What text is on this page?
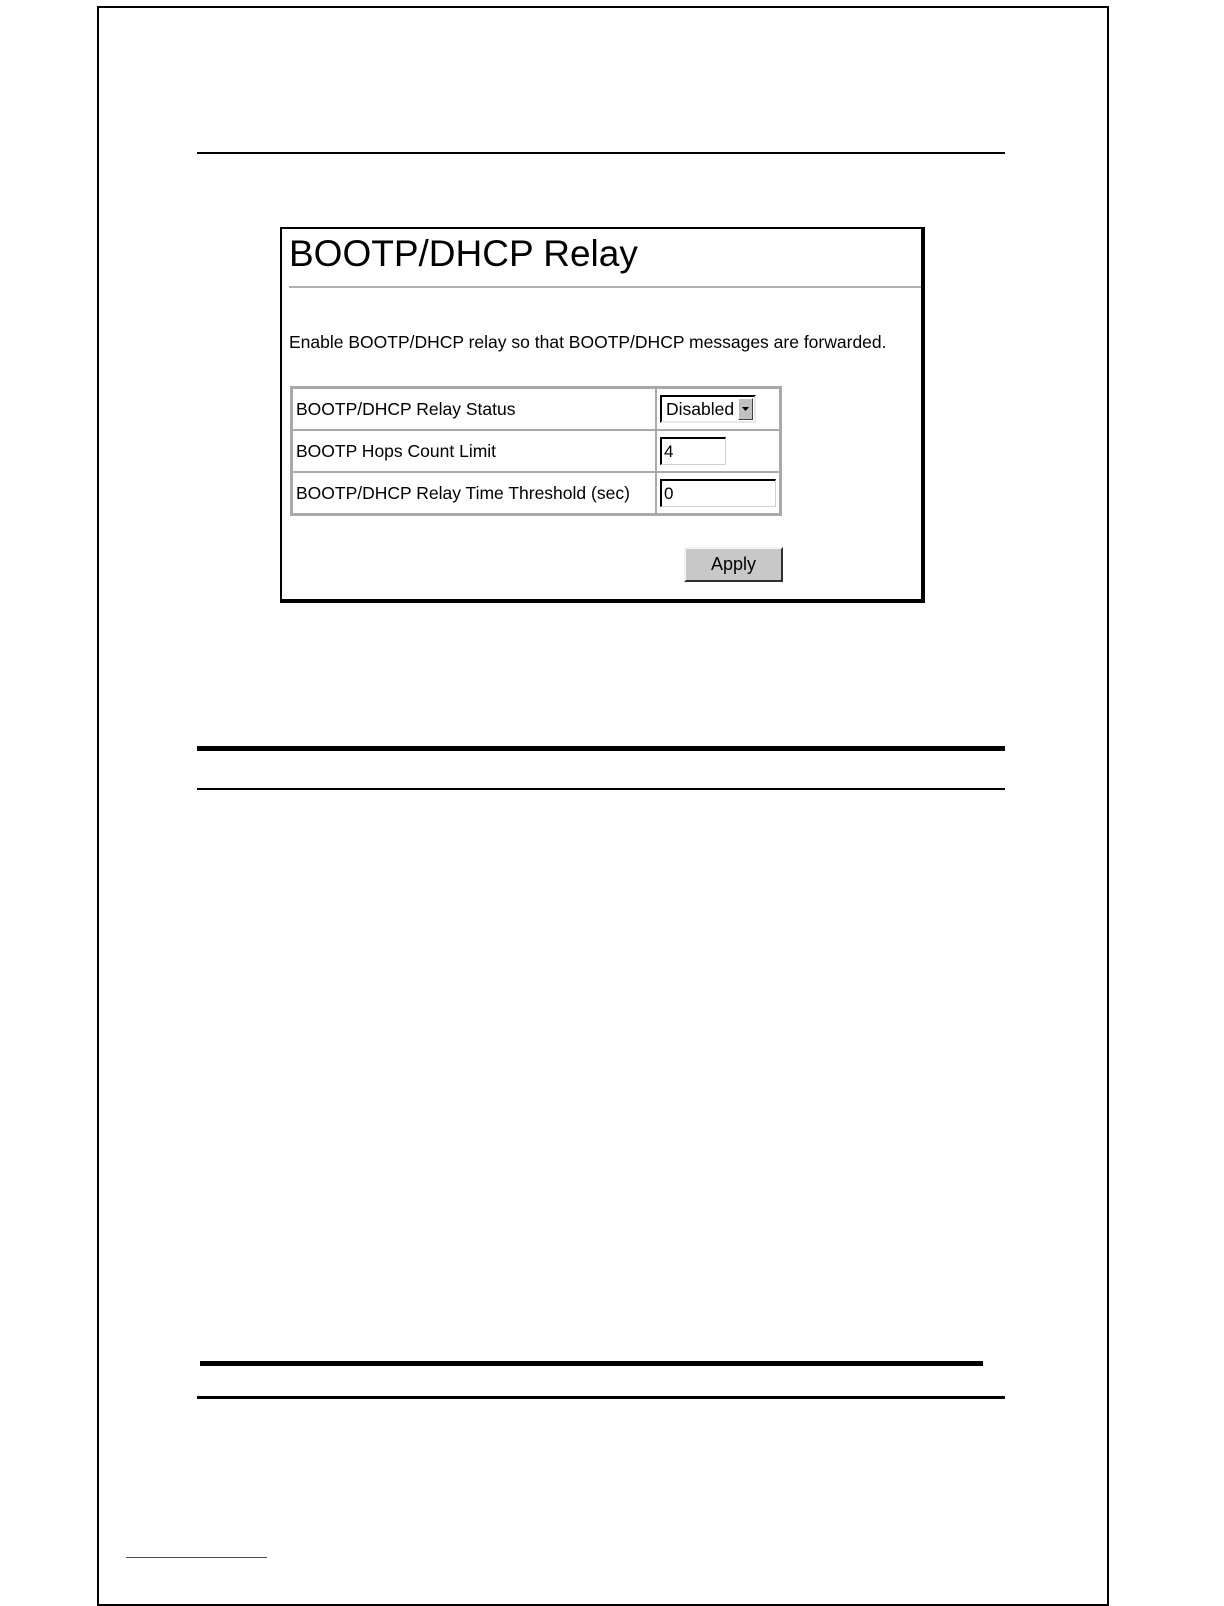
BOOTP/DHCP Relay
Enable BOOTP/DHCP relay so that BOOTP/DHCP messages are forwarded.
BOOTP/DHCP Relay Status	Disabled

BOOTP Hops Count Limit	4
BOOTP/DHCP Relay Time Threshold (sec)	0
Apply
